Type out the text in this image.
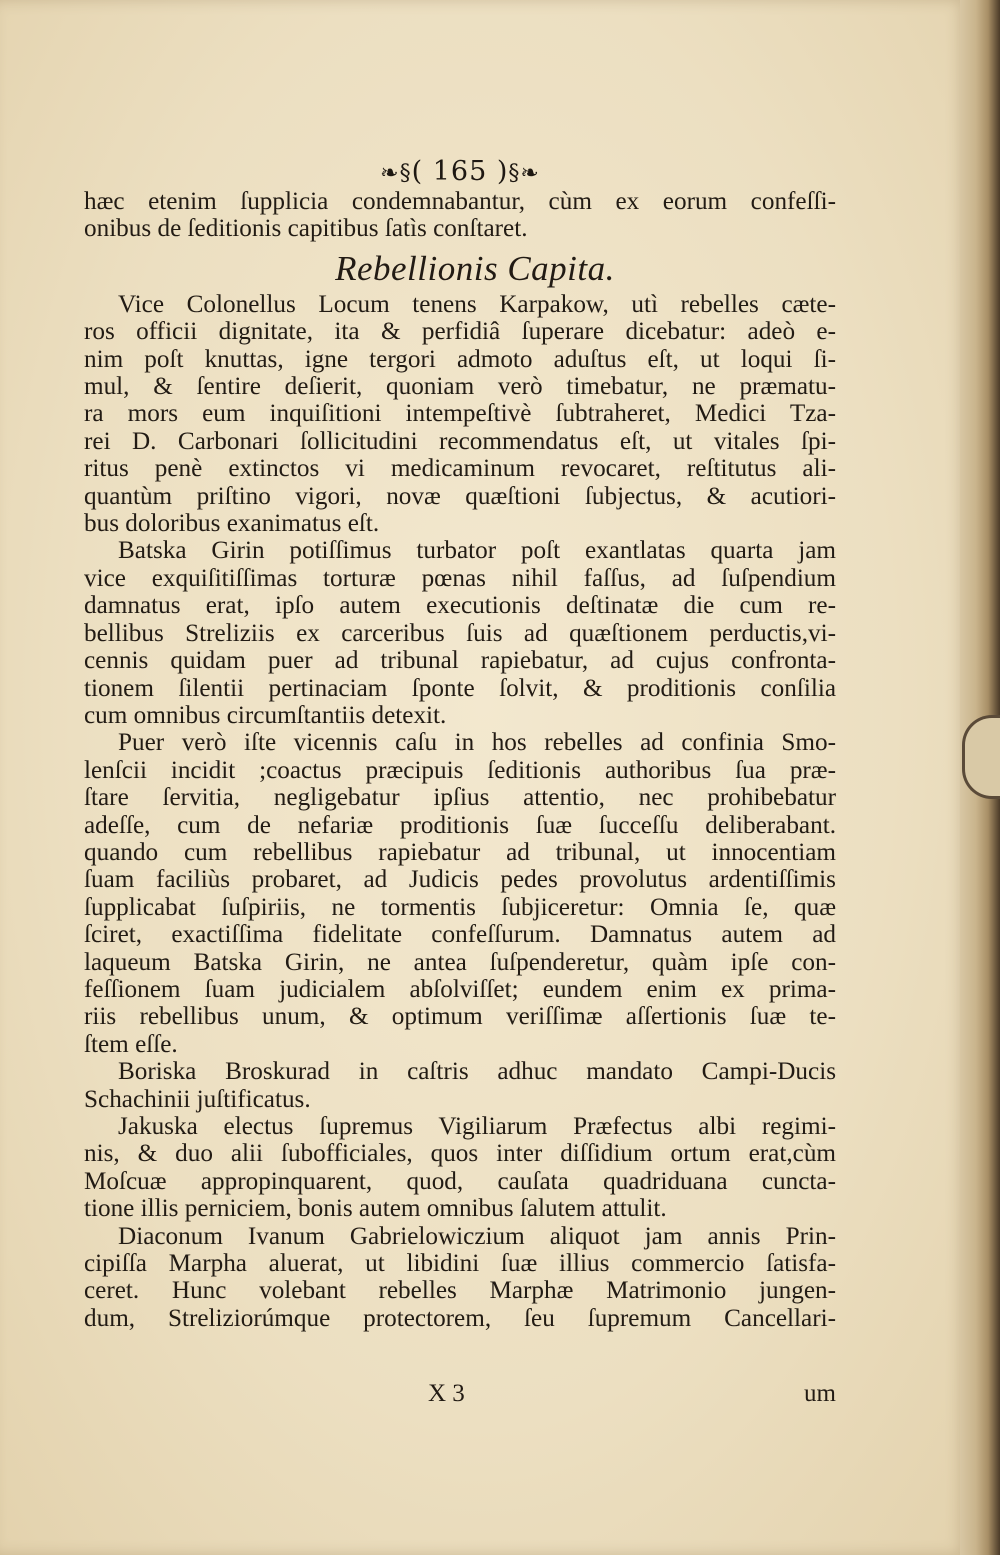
❧§( 165 )§❧

hæc etenim ſupplicia condemnabantur, cùm ex eorum confeſſi-
onibus de ſeditionis capitibus ſatìs conſtaret.

Rebellionis Capita.

Vice Colonellus Locum tenens Karpakow, utì rebelles cæte-
ros officii dignitate, ita & perfidiâ ſuperare dicebatur: adeò e-
nim poſt knuttas, igne tergori admoto aduſtus eſt, ut loqui ſi-
mul, & ſentire deſierit, quoniam verò timebatur, ne præmatu-
ra mors eum inquiſitioni intempeſtivè ſubtraheret, Medici Tza-
rei D. Carbonari ſollicitudini recommendatus eſt, ut vitales ſpi-
ritus penè extinctos vi medicaminum revocaret, reſtitutus ali-
quantùm priſtino vigori, novæ quæſtioni ſubjectus, & acutiori-
bus doloribus exanimatus eſt.

Batska Girin potiſſimus turbator poſt exantlatas quarta jam
vice exquiſitiſſimas torturæ pœnas nihil faſſus, ad ſuſpendium
damnatus erat, ipſo autem executionis deſtinatæ die cum re-
bellibus Streliziis ex carceribus ſuis ad quæſtionem perductis,vi-
cennis quidam puer ad tribunal rapiebatur, ad cujus confronta-
tionem ſilentii pertinaciam ſponte ſolvit, & proditionis conſilia
cum omnibus circumſtantiis detexit.

Puer verò iſte vicennis caſu in hos rebelles ad confinia Smo-
lenſcii incidit ;coactus præcipuis ſeditionis authoribus ſua præ-
ſtare ſervitia, negligebatur ipſius attentio, nec prohibebatur
adeſſe, cum de nefariæ proditionis ſuæ ſucceſſu deliberabant.
quando cum rebellibus rapiebatur ad tribunal, ut innocentiam
ſuam faciliùs probaret, ad Judicis pedes provolutus ardentiſſimis
ſupplicabat ſuſpiriis, ne tormentis ſubjiceretur: Omnia ſe, quæ
ſciret, exactiſſima fidelitate confeſſurum. Damnatus autem ad
laqueum Batska Girin, ne antea ſuſpenderetur, quàm ipſe con-
feſſionem ſuam judicialem abſolviſſet; eundem enim ex prima-
riis rebellibus unum, & optimum veriſſimæ aſſertionis ſuæ te-
ſtem eſſe.

Boriska Broskurad in caſtris adhuc mandato Campi-Ducis
Schachinii juſtificatus.

Jakuska electus ſupremus Vigiliarum Præfectus albi regimi-
nis, & duo alii ſubofficiales, quos inter diſſidium ortum erat,cùm
Moſcuæ appropinquarent, quod, cauſata quadriduana cuncta-
tione illis perniciem, bonis autem omnibus ſalutem attulit.

Diaconum Ivanum Gabrielowiczium aliquot jam annis Prin-
cipiſſa Marpha aluerat, ut libidini ſuæ illius commercio ſatisfa-
ceret. Hunc volebant rebelles Marphæ Matrimonio jungen-
dum, Streliziorúmque protectorem, ſeu ſupremum Cancellari-

X 3	um
